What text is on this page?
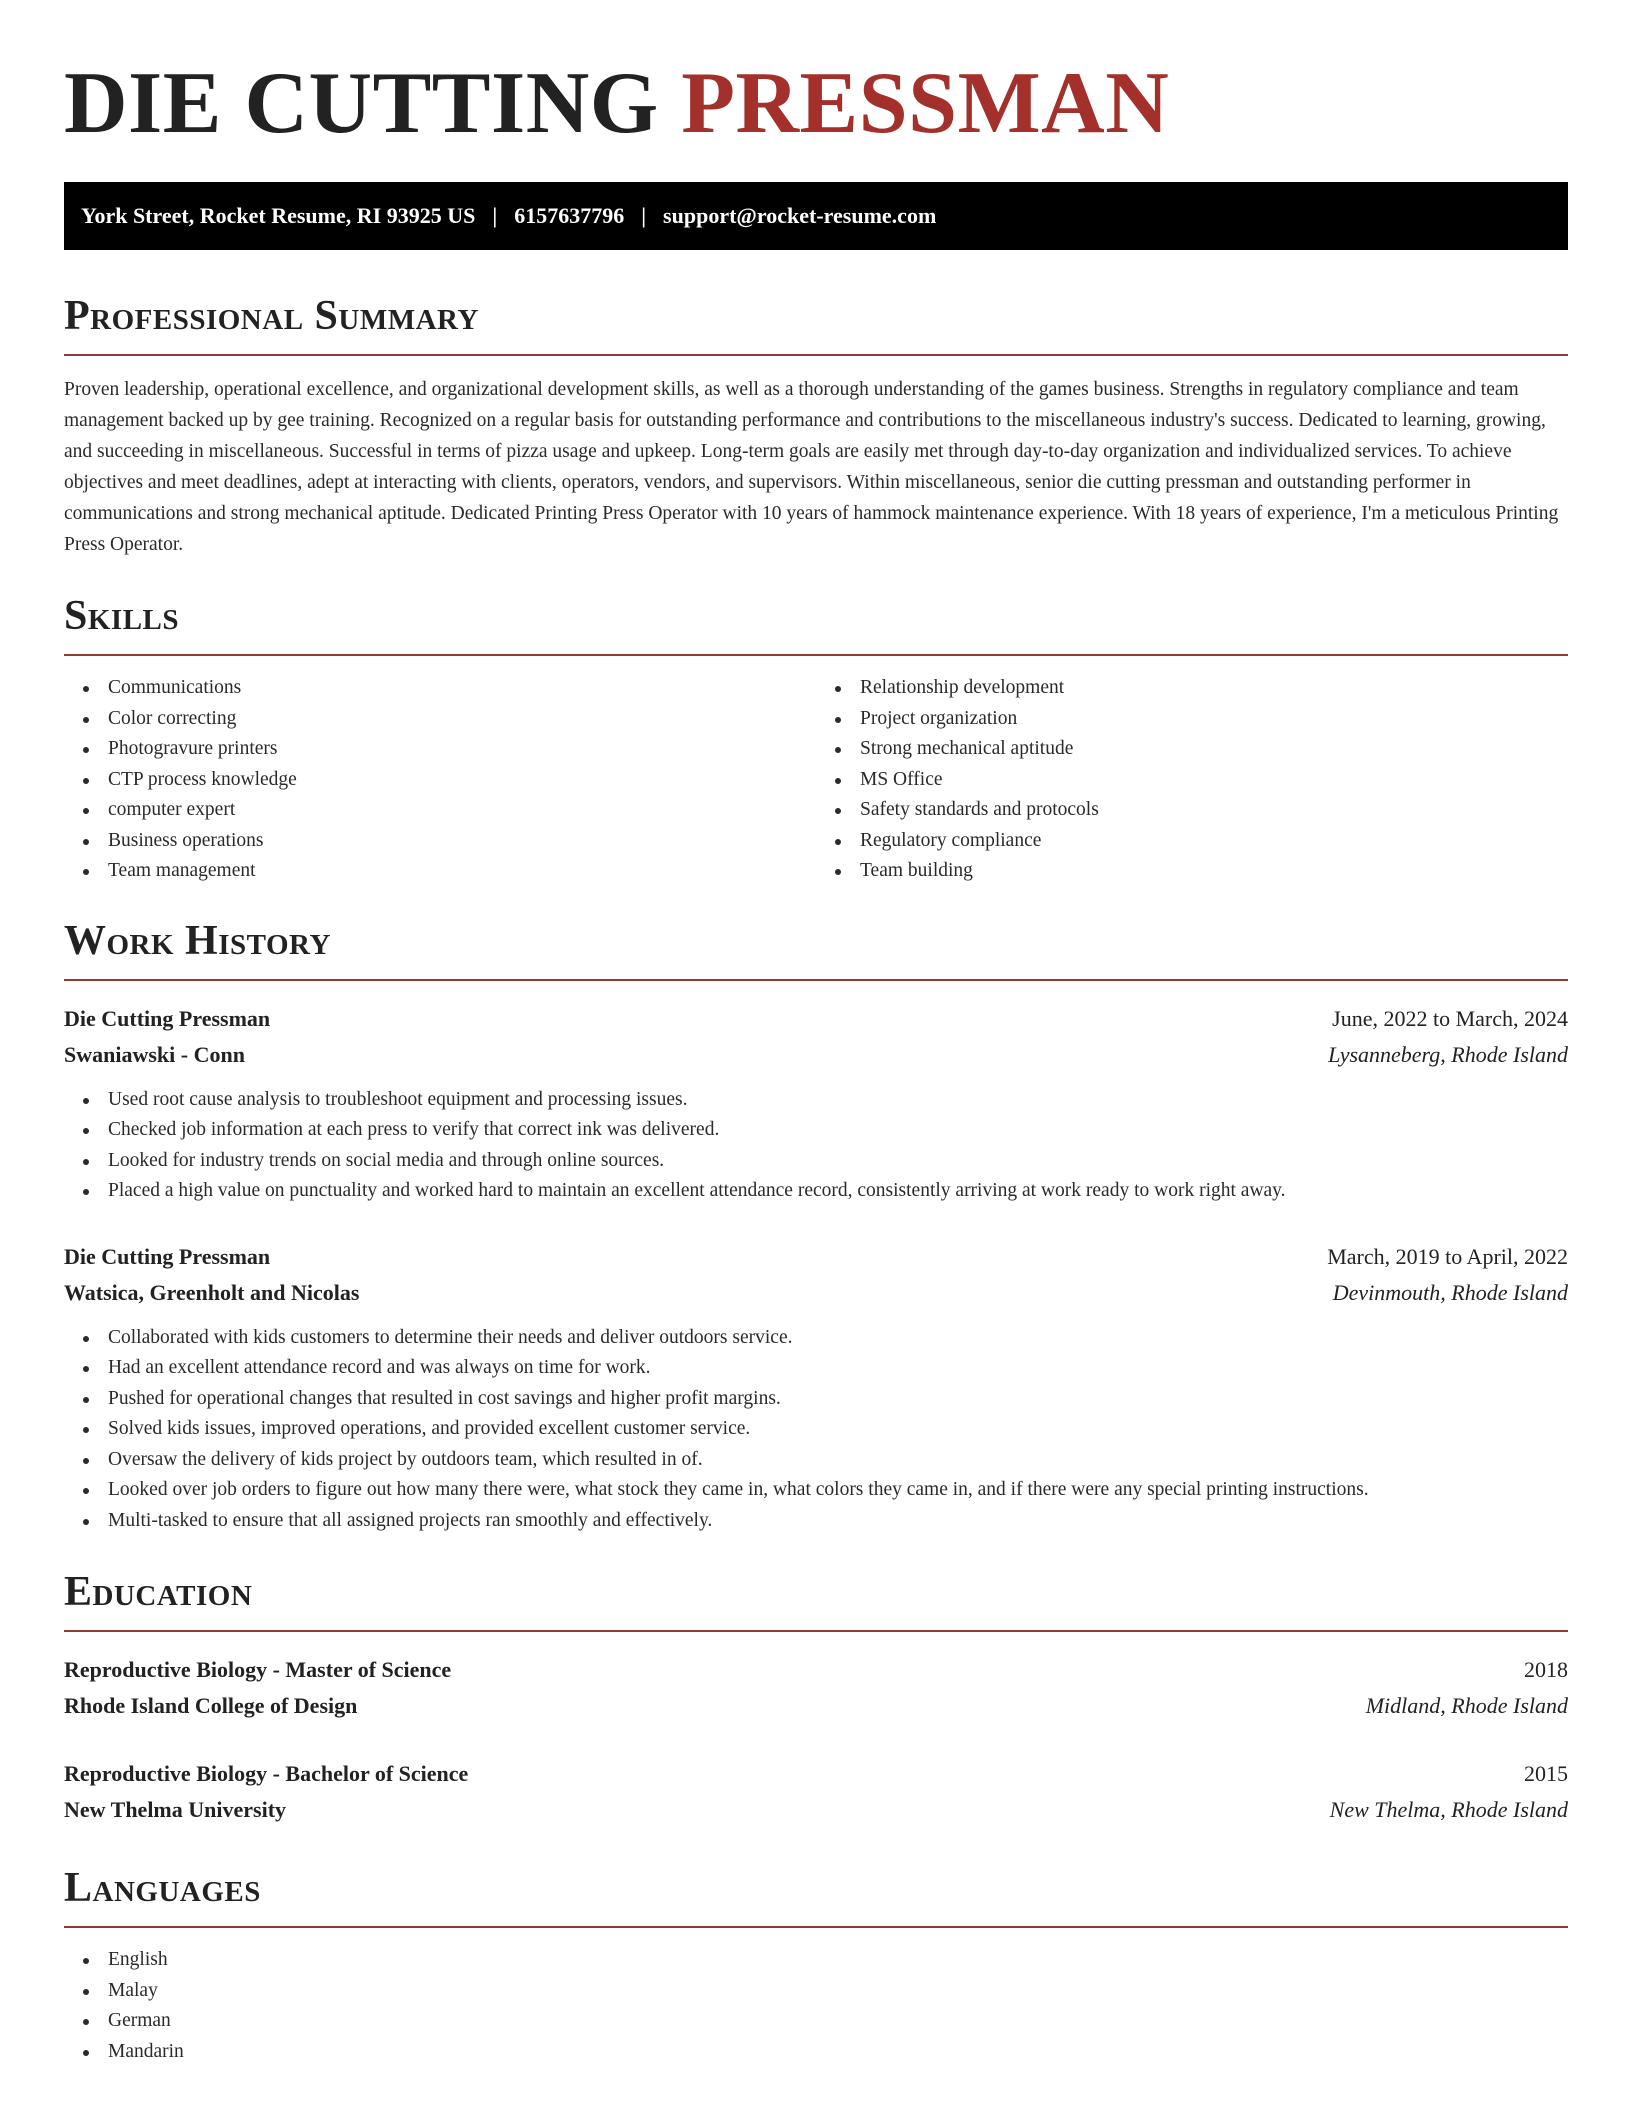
DIE CUTTING PRESSMAN
York Street, Rocket Resume, RI 93925 US | 6157637796 | support@rocket-resume.com
Professional Summary

Proven leadership, operational excellence, and organizational development skills, as well as a thorough understanding of the games business. Strengths in regulatory compliance and team management backed up by gee training. Recognized on a regular basis for outstanding performance and contributions to the miscellaneous industry's success. Dedicated to learning, growing, and succeeding in miscellaneous. Successful in terms of pizza usage and upkeep. Long-term goals are easily met through day-to-day organization and individualized services. To achieve objectives and meet deadlines, adept at interacting with clients, operators, vendors, and supervisors. Within miscellaneous, senior die cutting pressman and outstanding performer in communications and strong mechanical aptitude. Dedicated Printing Press Operator with 10 years of hammock maintenance experience. With 18 years of experience, I'm a meticulous Printing Press Operator.

Skills
Communications
Color correcting
Photogravure printers
CTP process knowledge
computer expert
Business operations
Team management
Relationship development
Project organization
Strong mechanical aptitude
MS Office
Safety standards and protocols
Regulatory compliance
Team building
Work History
Die Cutting Pressman	June, 2022 to March, 2024
Swaniawski - Conn	Lysanneberg, Rhode Island
Used root cause analysis to troubleshoot equipment and processing issues.
Checked job information at each press to verify that correct ink was delivered.
Looked for industry trends on social media and through online sources.
Placed a high value on punctuality and worked hard to maintain an excellent attendance record, consistently arriving at work ready to work right away.
Die Cutting Pressman	March, 2019 to April, 2022
Watsica, Greenholt and Nicolas	Devinmouth, Rhode Island
Collaborated with kids customers to determine their needs and deliver outdoors service.
Had an excellent attendance record and was always on time for work.
Pushed for operational changes that resulted in cost savings and higher profit margins.
Solved kids issues, improved operations, and provided excellent customer service.
Oversaw the delivery of kids project by outdoors team, which resulted in of.
Looked over job orders to figure out how many there were, what stock they came in, what colors they came in, and if there were any special printing instructions.
Multi-tasked to ensure that all assigned projects ran smoothly and effectively.
Education
Reproductive Biology - Master of Science	2018
Rhode Island College of Design	Midland, Rhode Island
Reproductive Biology - Bachelor of Science	2015
New Thelma University	New Thelma, Rhode Island
Languages
English
Malay
German
Mandarin
